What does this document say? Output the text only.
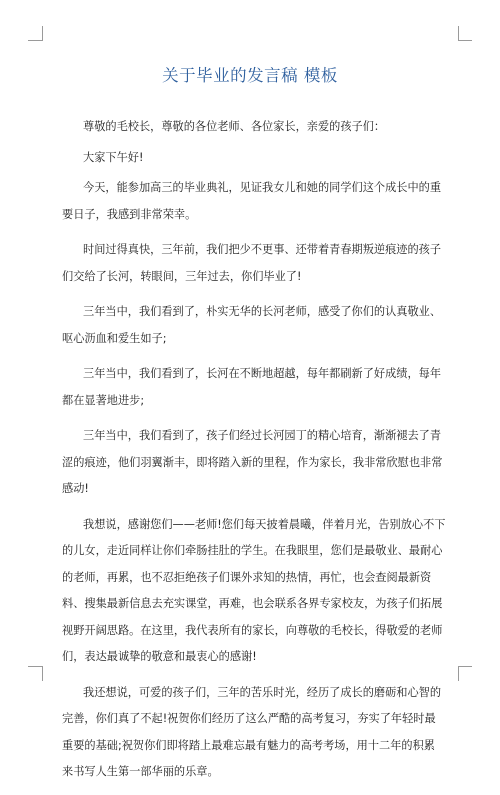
关于毕业的发言稿 模板

尊敬的毛校长，尊敬的各位老师、各位家长，亲爱的孩子们：

大家下午好!

今天，能参加高三的毕业典礼，见证我女儿和她的同学们这个成长中的重要日子，我感到非常荣幸。

时间过得真快，三年前，我们把少不更事、还带着青春期叛逆痕迹的孩子们交给了长河，转眼间，三年过去，你们毕业了!

三年当中，我们看到了，朴实无华的长河老师，感受了你们的认真敬业、呕心沥血和爱生如子;

三年当中，我们看到了，长河在不断地超越，每年都刷新了好成绩，每年都在显著地进步;

三年当中，我们看到了，孩子们经过长河园丁的精心培育，渐渐褪去了青涩的痕迹，他们羽翼渐丰，即将踏入新的里程，作为家长，我非常欣慰也非常感动!

我想说，感谢您们——老师!您们每天披着晨曦，伴着月光，告别放心不下的儿女，走近同样让你们牵肠挂肚的学生。在我眼里，您们是最敬业、最耐心的老师，再累，也不忍拒绝孩子们课外求知的热情，再忙，也会查阅最新资料、搜集最新信息去充实课堂，再难，也会联系各界专家校友，为孩子们拓展视野开阔思路。在这里，我代表所有的家长，向尊敬的毛校长，得敬爱的老师们，表达最诚挚的敬意和最衷心的感谢!

我还想说，可爱的孩子们，三年的苦乐时光，经历了成长的磨砺和心智的完善，你们真了不起!祝贺你们经历了这么严酷的高考复习，夯实了年轻时最重要的基础;祝贺你们即将踏上最难忘最有魅力的高考考场，用十二年的积累来书写人生第一部华丽的乐章。
